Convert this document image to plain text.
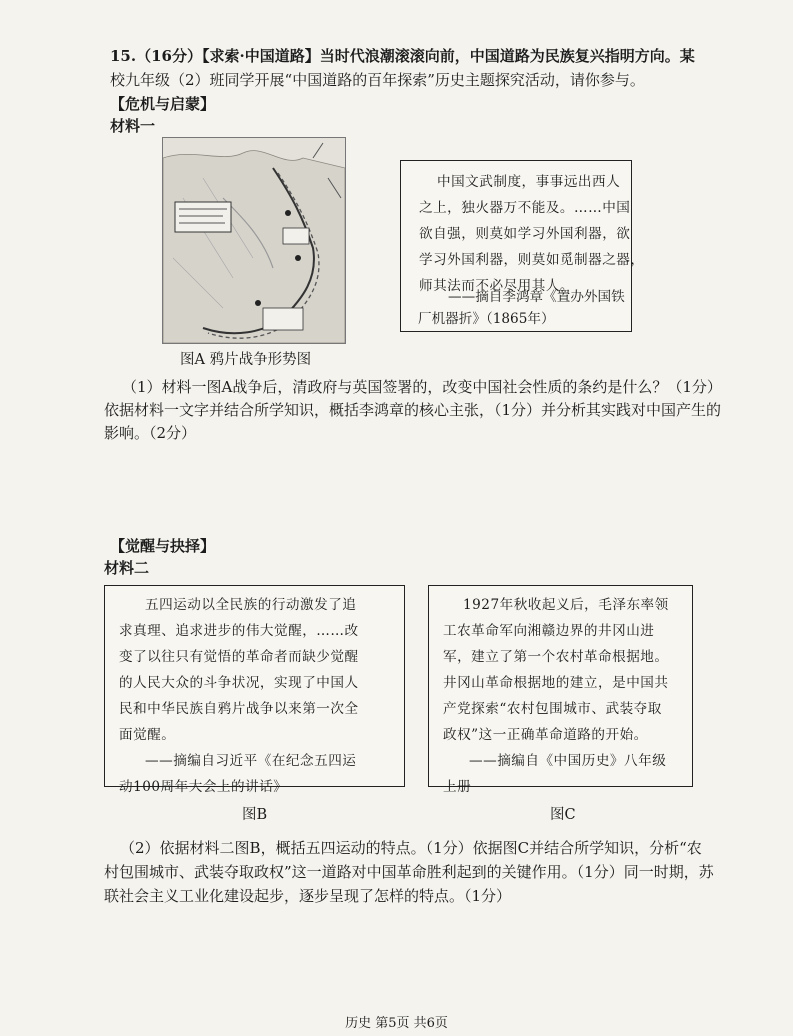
15.（16分）【求索·中国道路】当时代浪潮滚滚向前，中国道路为民族复兴指明方向。某
校九年级（2）班同学开展“中国道路的百年探索”历史主题探究活动，请你参与。
【危机与启蒙】
材料一
图A 鸦片战争形势图
中国文武制度，事事远出西人
之上，独火器万不能及。……中国
欲自强，则莫如学习外国利器，欲
学习外国利器，则莫如觅制器之器，
师其法而不必尽用其人。
——摘自李鸿章《置办外国铁
厂机器折》（1865年）
（1）材料一图A战争后，清政府与英国签署的，改变中国社会性质的条约是什么？（1分）
依据材料一文字并结合所学知识，概括李鸿章的核心主张，（1分）并分析其实践对中国产生的
影响。（2分）
【觉醒与抉择】
材料二
五四运动以全民族的行动激发了追
求真理、追求进步的伟大觉醒，……改
变了以往只有觉悟的革命者而缺少觉醒
的人民大众的斗争状况，实现了中国人
民和中华民族自鸦片战争以来第一次全
面觉醒。
——摘编自习近平《在纪念五四运
动100周年大会上的讲话》
图B
1927年秋收起义后，毛泽东率领
工农革命军向湘赣边界的井冈山进
军，建立了第一个农村革命根据地。
井冈山革命根据地的建立，是中国共
产党探索“农村包围城市、武装夺取
政权”这一正确革命道路的开始。
——摘编自《中国历史》八年级
上册
图C
（2）依据材料二图B，概括五四运动的特点。（1分）依据图C并结合所学知识，分析“农
村包围城市、武装夺取政权”这一道路对中国革命胜利起到的关键作用。（1分）同一时期，苏
联社会主义工业化建设起步，逐步呈现了怎样的特点。（1分）
历史 第5页 共6页
